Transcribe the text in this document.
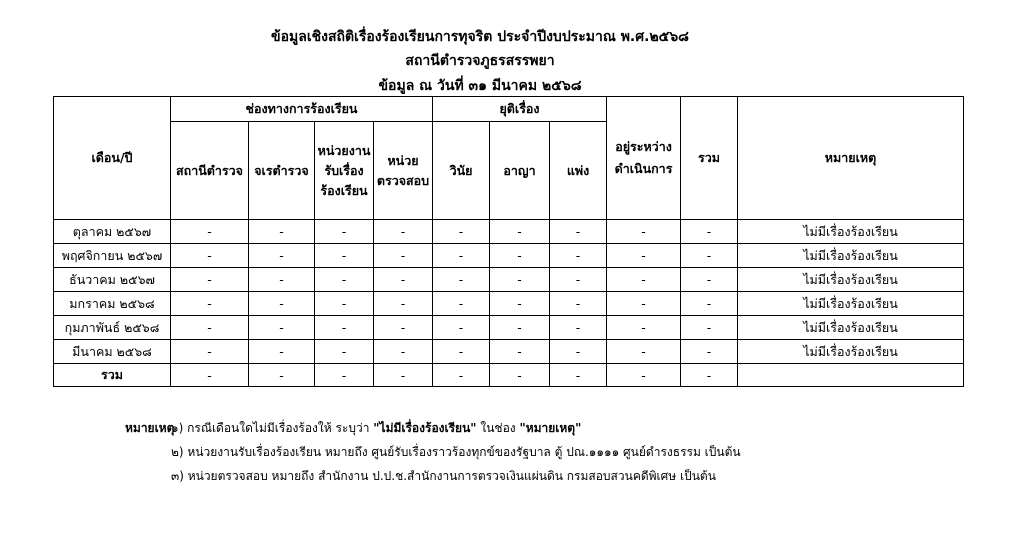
ข้อมูลเชิงสถิติเรื่องร้องเรียนการทุจริต ประจำปีงบประมาณ พ.ศ.๒๕๖๘
สถานีตำรวจภูธรสรรพยา
ข้อมูล ณ วันที่ ๓๑ มีนาคม ๒๕๖๘
เดือน/ปี	ช่องทางการร้องเรียน				ยุติเรื่อง			อยู่ระหว่างดำเนินการ	รวม	หมายเหตุ
	สถานีตำรวจ	จเรตำรวจ	หน่วยงานรับเรื่องร้องเรียน	หน่วยตรวจสอบ	วินัย	อาญา	แพ่ง			
ตุลาคม ๒๕๖๗	-	-	-	-	-	-	-	-	-	ไม่มีเรื่องร้องเรียน
พฤศจิกายน ๒๕๖๗	-	-	-	-	-	-	-	-	-	ไม่มีเรื่องร้องเรียน
ธันวาคม ๒๕๖๗	-	-	-	-	-	-	-	-	-	ไม่มีเรื่องร้องเรียน
มกราคม ๒๕๖๘	-	-	-	-	-	-	-	-	-	ไม่มีเรื่องร้องเรียน
กุมภาพันธ์ ๒๕๖๘	-	-	-	-	-	-	-	-	-	ไม่มีเรื่องร้องเรียน
มีนาคม ๒๕๖๘	-	-	-	-	-	-	-	-	-	ไม่มีเรื่องร้องเรียน
รวม	-	-	-	-	-	-	-	-	-	
หมายเหตุ๑) กรณีเดือนใดไม่มีเรื่องร้องให้ ระบุว่า "ไม่มีเรื่องร้องเรียน" ในช่อง "หมายเหตุ"
๒) หน่วยงานรับเรื่องร้องเรียน หมายถึง ศูนย์รับเรื่องราวร้องทุกข์ของรัฐบาล ตู้ ปณ.๑๑๑๑ ศูนย์ดำรงธรรม เป็นต้น
๓) หน่วยตรวจสอบ หมายถึง สำนักงาน ป.ป.ช.สำนักงานการตรวจเงินแผ่นดิน กรมสอบสวนคดีพิเศษ เป็นต้น
